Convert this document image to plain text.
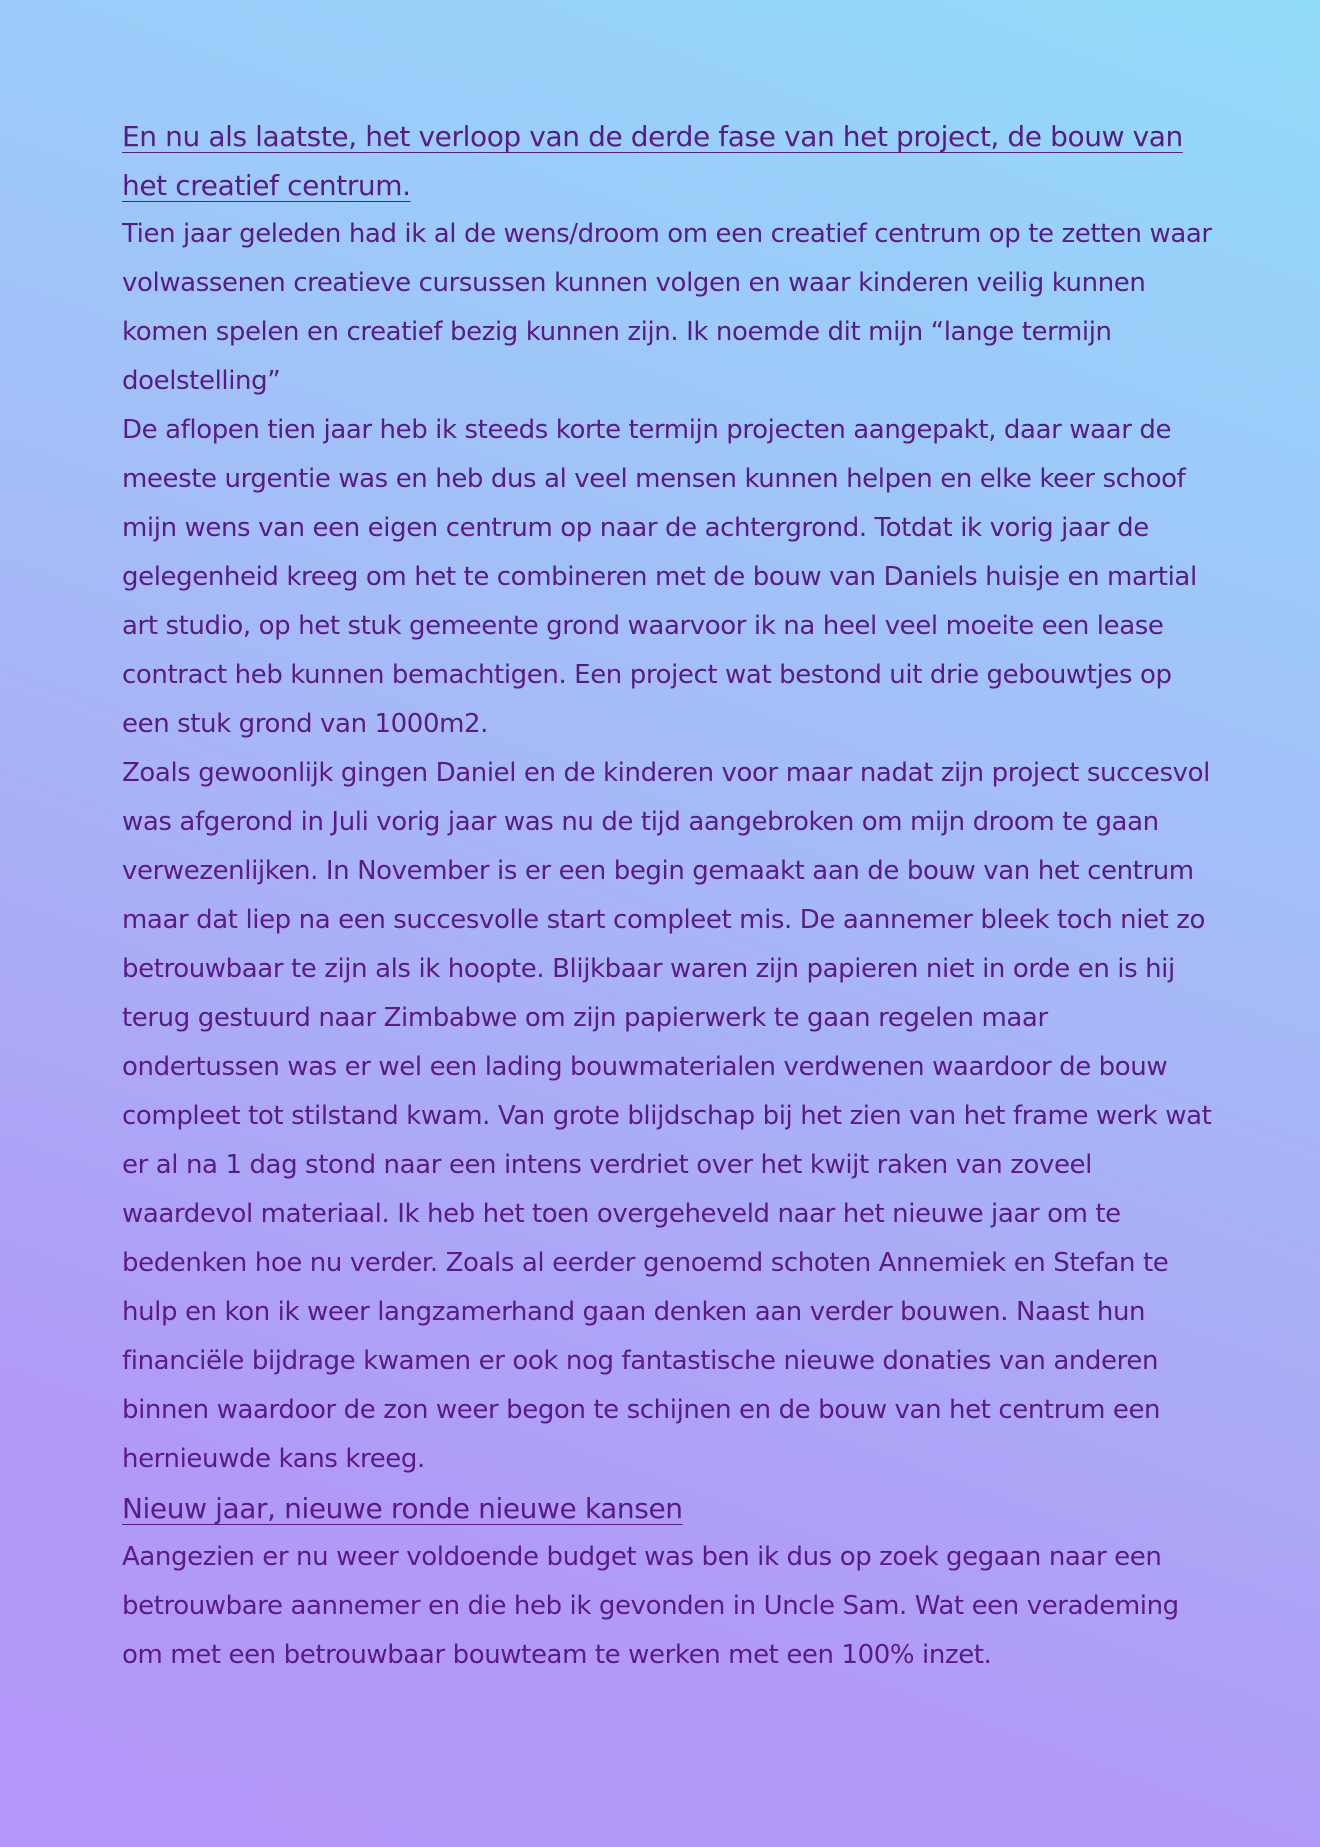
En nu als laatste, het verloop van de derde fase van het project, de bouw van het creatief centrum.

Tien jaar geleden had ik al de wens/droom om een creatief centrum op te zetten waar volwassenen creatieve cursussen kunnen volgen en waar kinderen veilig kunnen komen spelen en creatief bezig kunnen zijn. Ik noemde dit mijn “lange termijn doelstelling”

De aflopen tien jaar heb ik steeds korte termijn projecten aangepakt, daar waar de meeste urgentie was en heb dus al veel mensen kunnen helpen en elke keer schoof mijn wens van een eigen centrum op naar de achtergrond. Totdat ik vorig jaar de gelegenheid kreeg om het te combineren met de bouw van Daniels huisje en martial art studio, op het stuk gemeente grond waarvoor ik na heel veel moeite een lease contract heb kunnen bemachtigen. Een project wat bestond uit drie gebouwtjes op een stuk grond van 1000m2.

Zoals gewoonlijk gingen Daniel en de kinderen voor maar nadat zijn project succesvol was afgerond in Juli vorig jaar was nu de tijd aangebroken om mijn droom te gaan verwezenlijken. In November is er een begin gemaakt aan de bouw van het centrum maar dat liep na een succesvolle start compleet mis. De aannemer bleek toch niet zo betrouwbaar te zijn als ik hoopte. Blijkbaar waren zijn papieren niet in orde en is hij terug gestuurd naar Zimbabwe om zijn papierwerk te gaan regelen maar ondertussen was er wel een lading bouwmaterialen verdwenen waardoor de bouw compleet tot stilstand kwam. Van grote blijdschap bij het zien van het frame werk wat er al na 1 dag stond naar een intens verdriet over het kwijt raken van zoveel waardevol materiaal. Ik heb het toen overgeheveld naar het nieuwe jaar om te bedenken hoe nu verder. Zoals al eerder genoemd schoten Annemiek en Stefan te hulp en kon ik weer langzamerhand gaan denken aan verder bouwen. Naast hun financiële bijdrage kwamen er ook nog fantastische nieuwe donaties van anderen binnen waardoor de zon weer begon te schijnen en de bouw van het centrum een hernieuwde kans kreeg.

Nieuw jaar, nieuwe ronde nieuwe kansen

Aangezien er nu weer voldoende budget was ben ik dus op zoek gegaan naar een betrouwbare aannemer en die heb ik gevonden in Uncle Sam. Wat een verademing om met een betrouwbaar bouwteam te werken met een 100% inzet.
